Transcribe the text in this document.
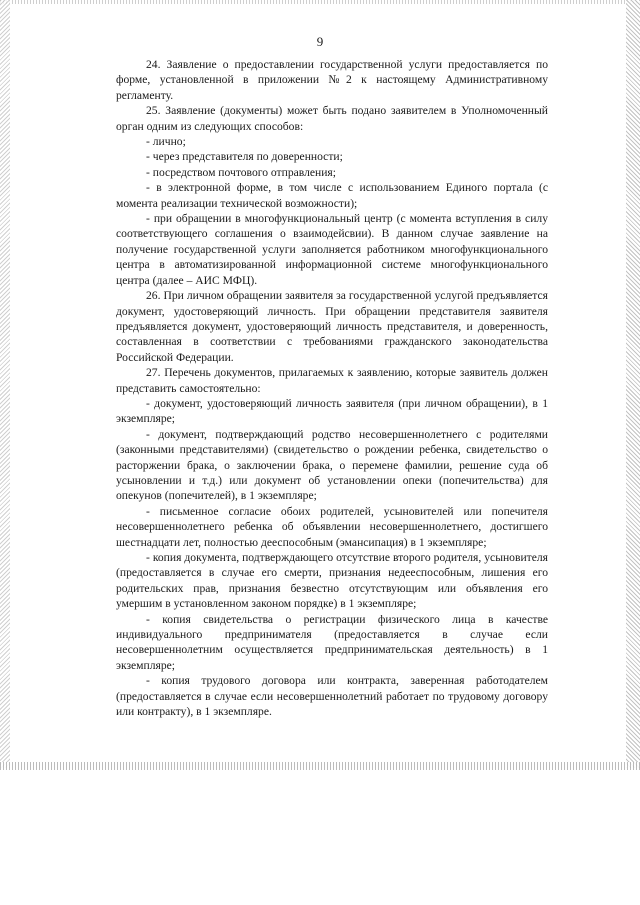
9

24. Заявление о предоставлении государственной услуги предоставляется по форме, установленной в приложении №2 к настоящему Административному регламенту.

25. Заявление (документы) может быть подано заявителем в Уполномоченный орган одним из следующих способов:

- лично;

- через представителя по доверенности;

- посредством почтового отправления;

- в электронной форме, в том числе с использованием Единого портала (с момента реализации технической возможности);

- при обращении в многофункциональный центр (с момента вступления в силу соответствующего соглашения о взаимодейсвии). В данном случае заявление на получение государственной услуги заполняется работником многофункционального центра в автоматизированной информационной системе многофункционального центра (далее – АИС МФЦ).

26. При личном обращении заявителя за государственной услугой предъявляется документ, удостоверяющий личность. При обращении представителя заявителя предъявляется документ, удостоверяющий личность представителя, и доверенность, составленная в соответствии с требованиями гражданского законодательства Российской Федерации.

27. Перечень документов, прилагаемых к заявлению, которые заявитель должен представить самостоятельно:

- документ, удостоверяющий личность заявителя (при личном обращении), в 1 экземпляре;

- документ, подтверждающий родство несовершеннолетнего с родителями (законными представителями) (свидетельство о рождении ребенка, свидетельство о расторжении брака, о заключении брака, о перемене фамилии, решение суда об усыновлении и т.д.) или документ об установлении опеки (попечительства) для опекунов (попечителей), в 1 экземпляре;

- письменное согласие обоих родителей, усыновителей или попечителя несовершеннолетнего ребенка об объявлении несовершеннолетнего, достигшего шестнадцати лет, полностью дееспособным (эмансипация) в 1 экземпляре;

- копия документа, подтверждающего отсутствие второго родителя, усыновителя (предоставляется в случае его смерти, признания недееспособным, лишения его родительских прав, признания безвестно отсутствующим или объявления его умершим в установленном законом порядке) в 1 экземпляре;

- копия свидетельства о регистрации физического лица в качестве индивидуального предпринимателя (предоставляется в случае если несовершеннолетним осуществляется предпринимательская деятельность) в 1 экземпляре;

- копия трудового договора или контракта, заверенная работодателем (предоставляется в случае если несовершеннолетний работает по трудовому договору или контракту), в 1 экземпляре.
